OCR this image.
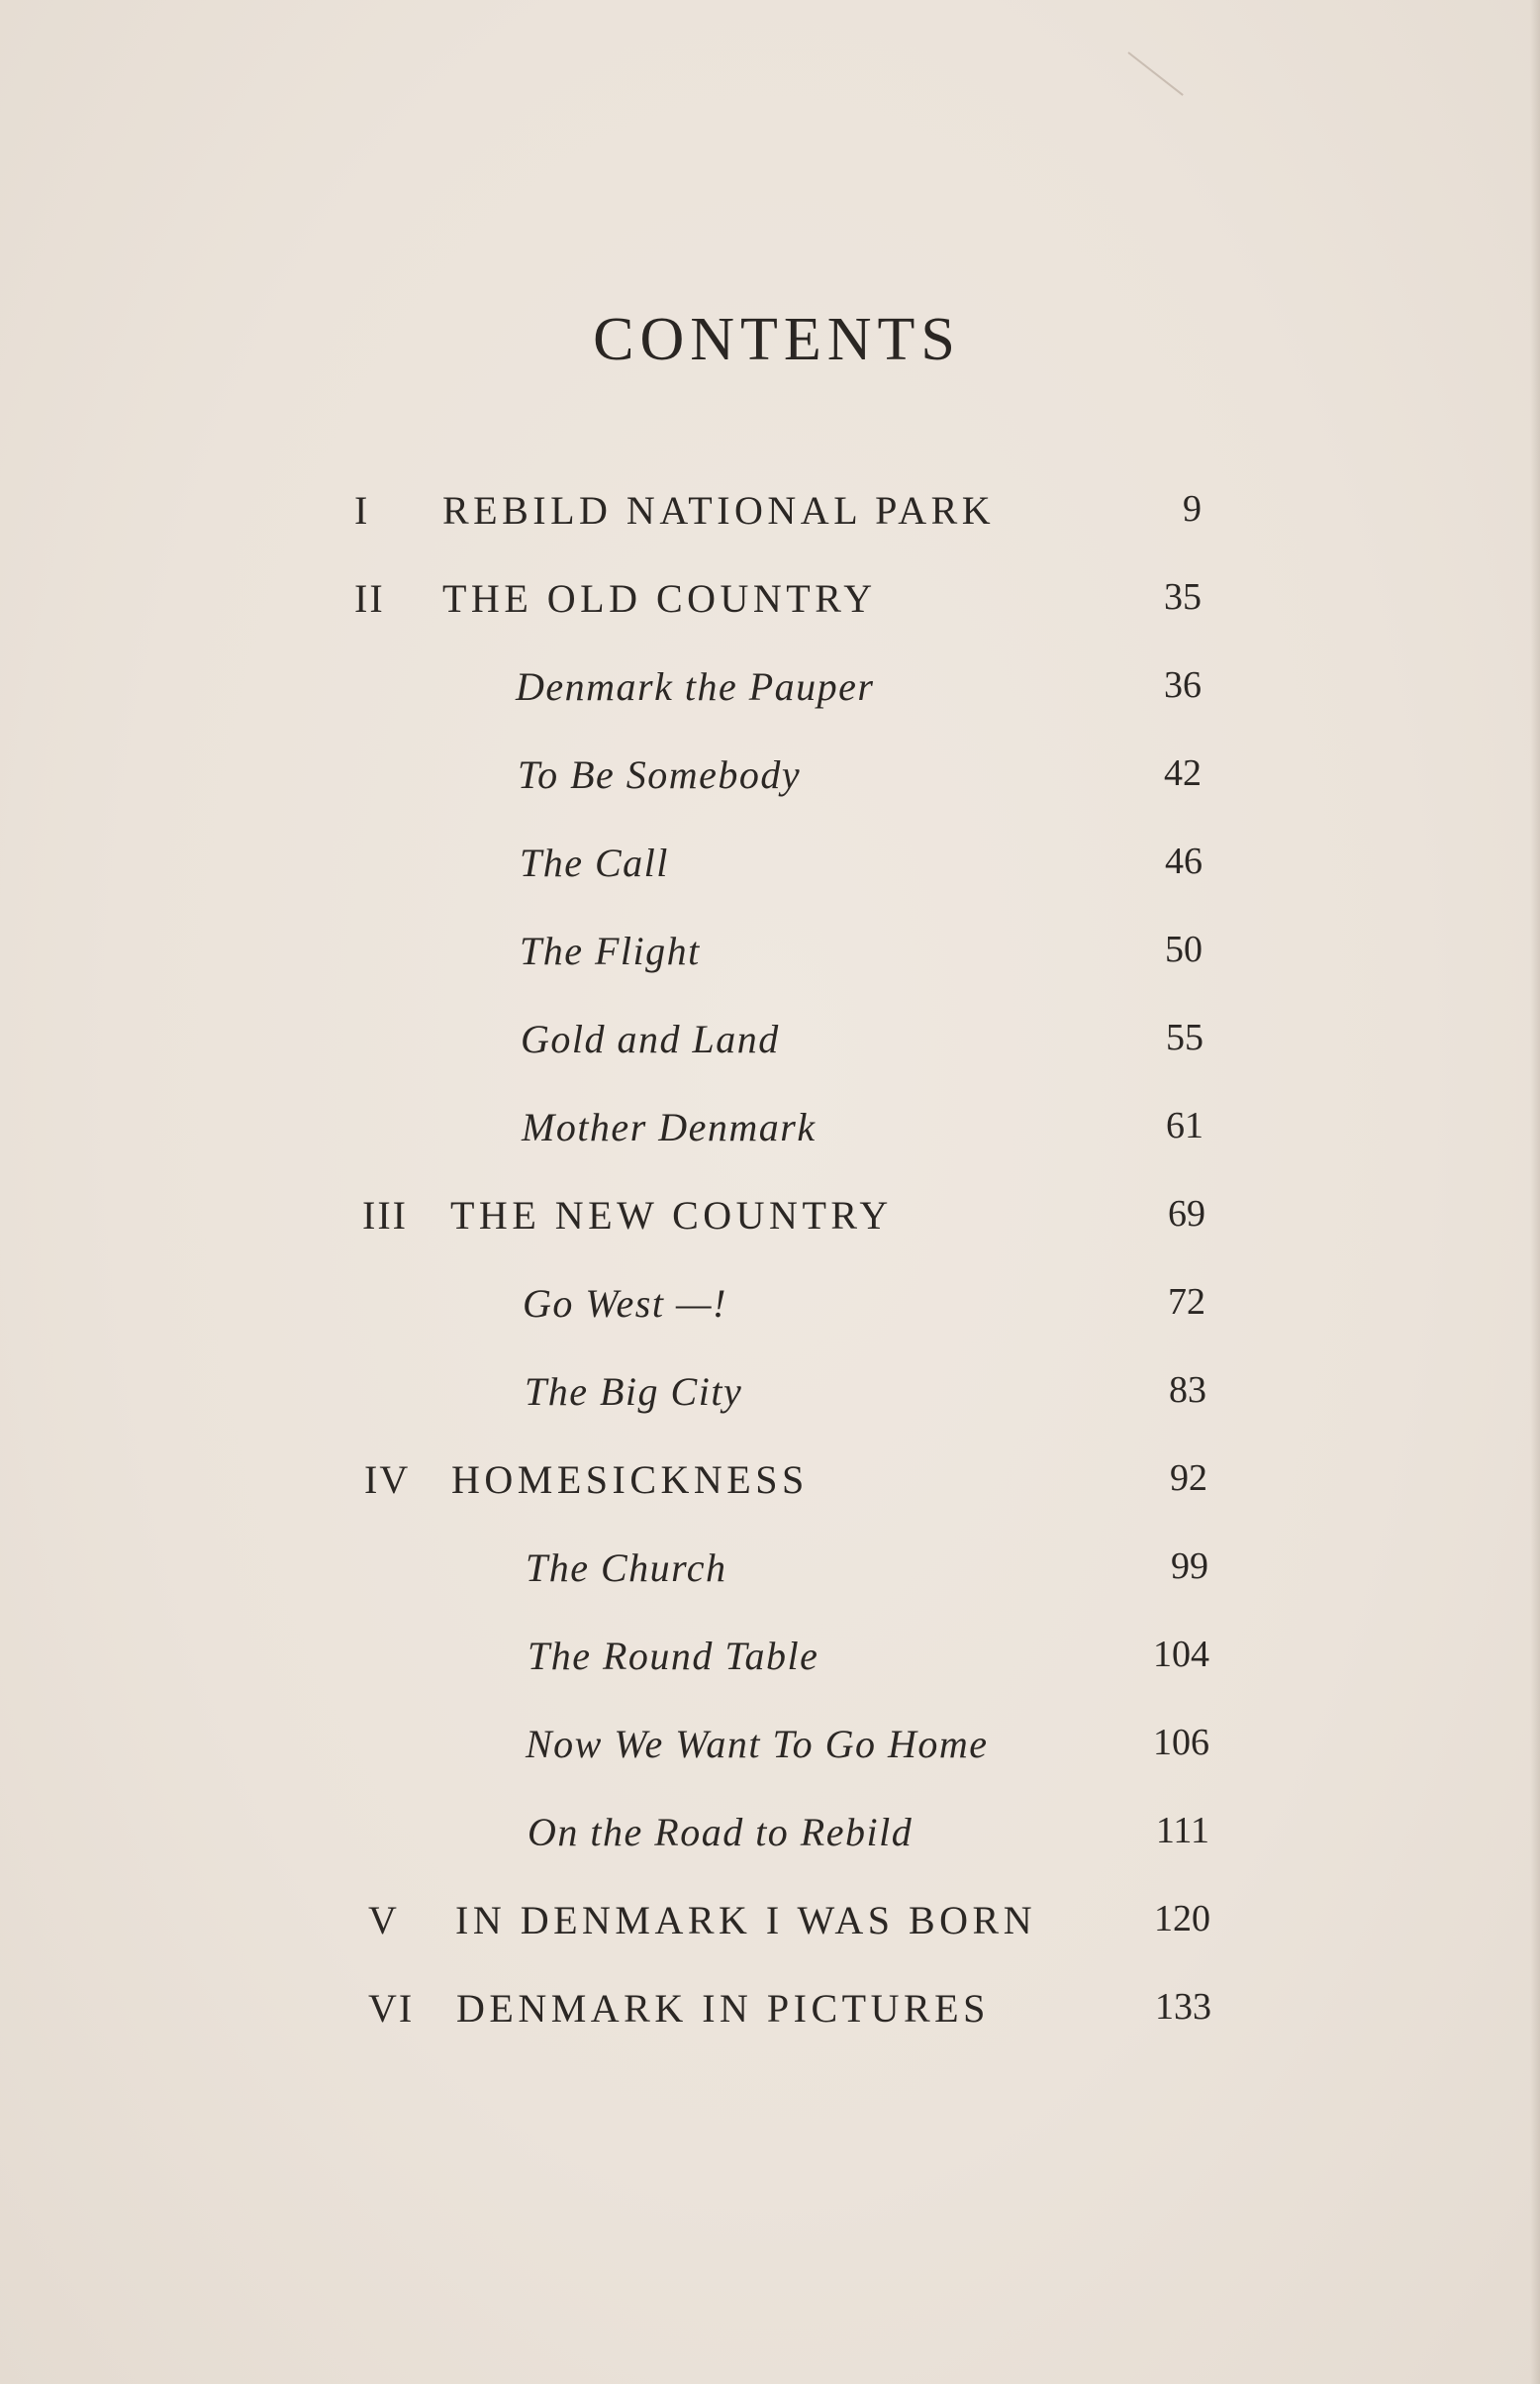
CONTENTS
I REBILD NATIONAL PARK	9
II THE OLD COUNTRY	35
Denmark the Pauper	36
To Be Somebody	42
The Call	46
The Flight	50
Gold and Land	55
Mother Denmark	61
III THE NEW COUNTRY	69
Go West —!	72
The Big City	83
IV HOMESICKNESS	92
The Church	99
The Round Table	104
Now We Want To Go Home	106
On the Road to Rebild	111
V IN DENMARK I WAS BORN	120
VI DENMARK IN PICTURES	133
